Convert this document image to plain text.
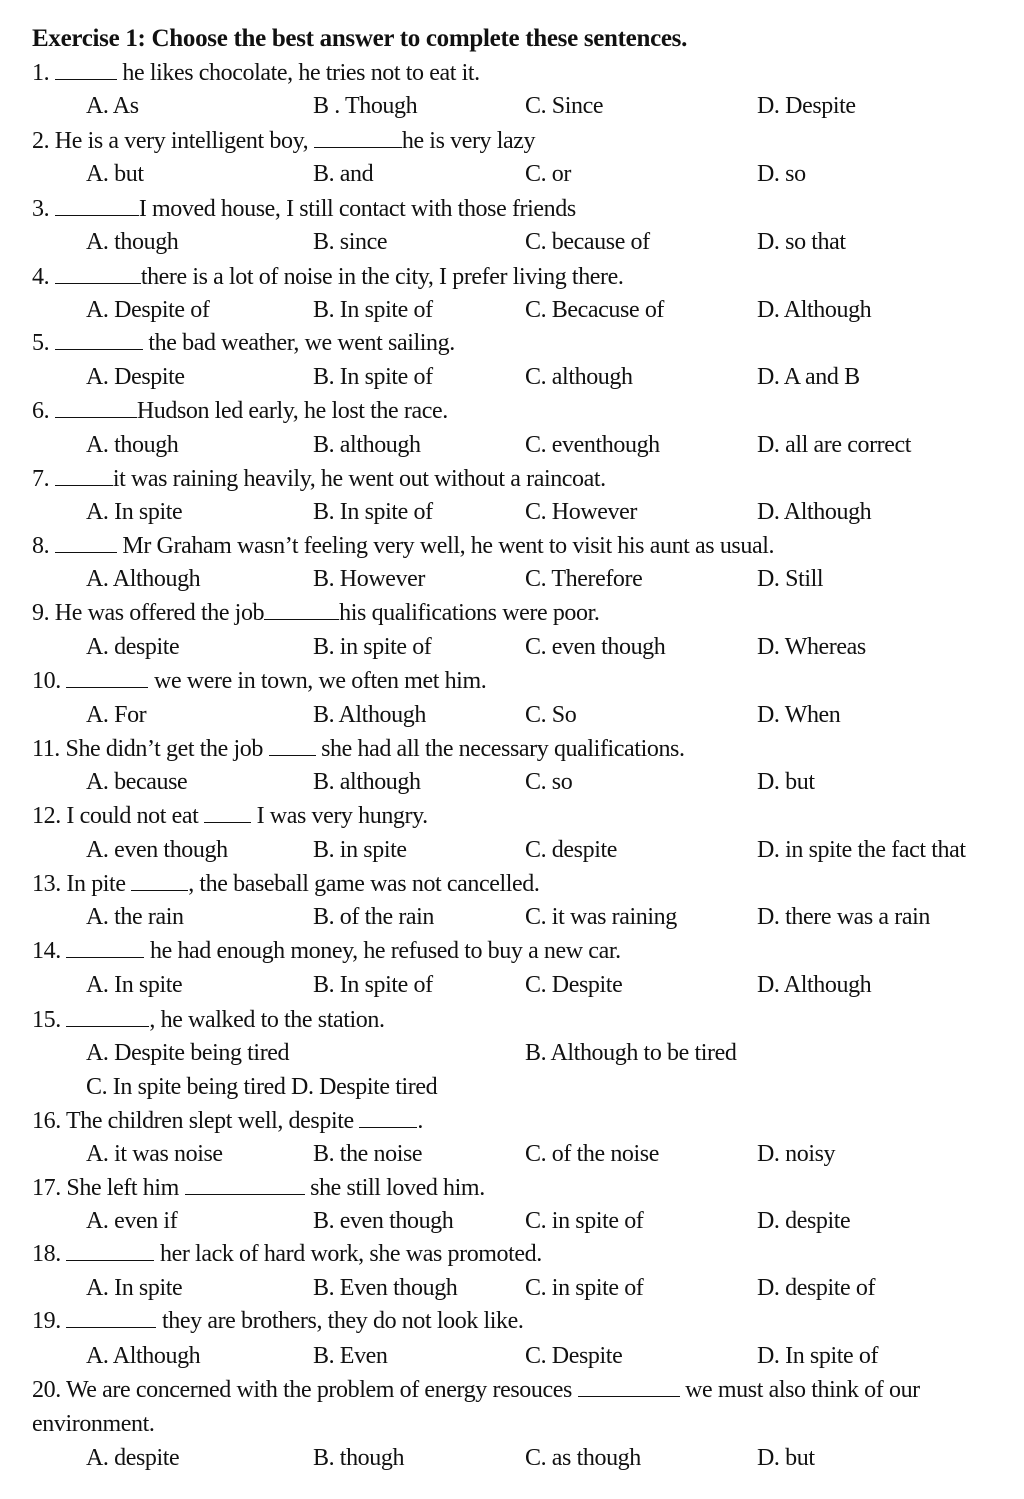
Exercise 1: Choose the best answer to complete these sentences.
1.	he likes chocolate, he tries not to eat it.
A. As	B . Though	C. Since	D. Despite
2. He is a very intelligent boy,	he is very lazy
A. but	B. and	C. or	D. so
3.	I moved house, I still contact with those friends
A. though	B. since	C. because of	D. so that
4.	there is a lot of noise in the city, I prefer living there.
A. Despite of	B. In spite of	C. Becacuse of	D. Although
5.	the bad weather, we went sailing.
A. Despite	B. In spite of	C. although	D. A and B
6.	Hudson led early, he lost the race.
A. though	B. although	C. eventhough	D. all are correct
7. it was raining heavily, he went out without a raincoat.
A. In spite	B. In spite of	C. However	D. Although
8.	Mr Graham wasn’t feeling very well, he went to visit his aunt as usual.
A. Although	B. However	C. Therefore	D. Still
9. He was offered the job	his qualifications were poor.
A. despite	B. in spite of	C. even though	D. Whereas
10.	we were in town, we often met him.
A. For	B. Although	C. So	D. When
11. She didn’t get the job  she had all the necessary qualifications.
A. because	B. although	C. so	D. but
12. I could not eat  I was very hungry.
A. even though	B. in spite	C. despite	D. in spite the fact that
13. In pite , the baseball game was not cancelled.
A. the rain	B. of the rain	C. it was raining	D. there was a rain
14.	he had enough money, he refused to buy a new car.
A. In spite	B. In spite of	C. Despite	D. Although
15.	, he walked to the station.
A. Despite being tired	B. Although to be tired
C. In spite being tired D. Despite tired
16. The children slept well, despite .
A. it was noise	B. the noise	C. of the noise	D. noisy
17. She left him	she still loved him.
A. even if	B. even though	C. in spite of	D. despite
18.	her lack of hard work, she was promoted.
A. In spite	B. Even though	C. in spite of	D. despite of
19.	they are brothers, they do not look like.
A. Although	B. Even	C. Despite	D. In spite of
20. We are concerned with the problem of energy resouces	we must also think of our
environment.
A. despite	B. though	C. as though	D. but
